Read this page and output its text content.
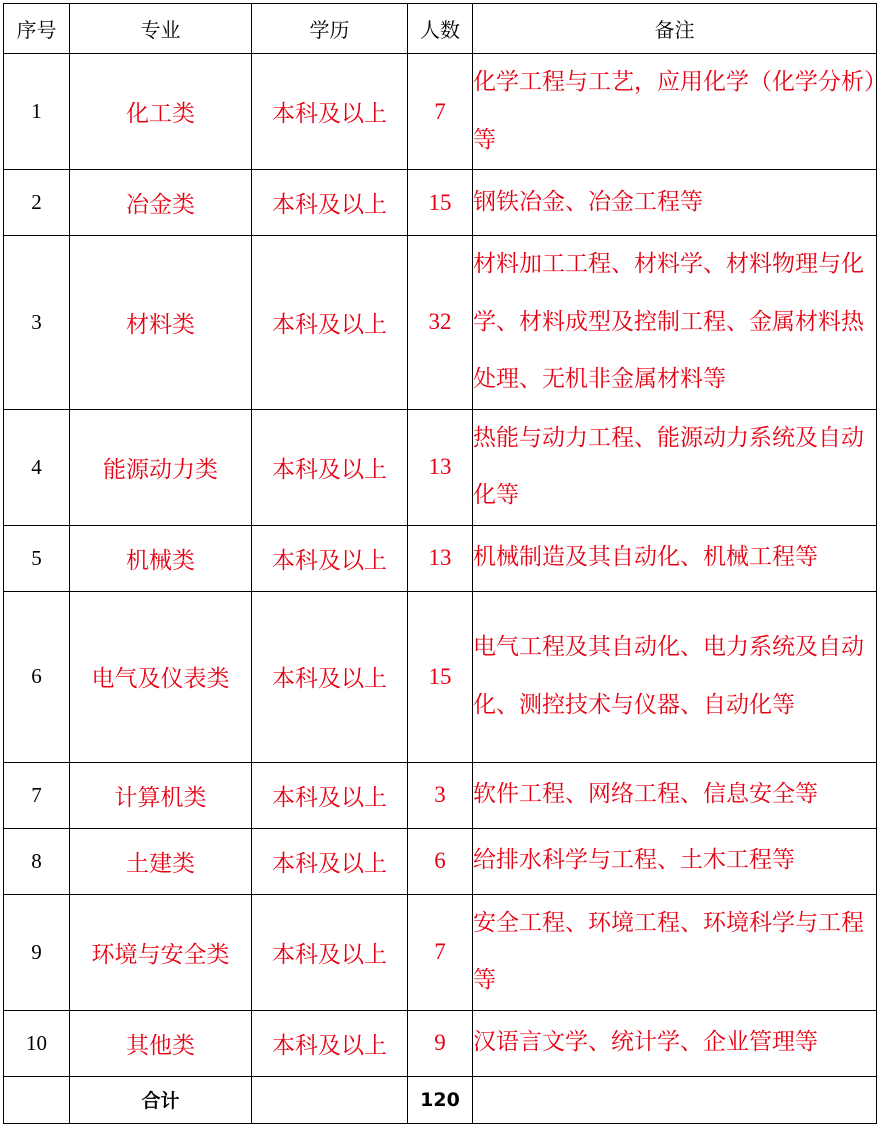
序号	专业	学历	人数	备注
1	化工类	本科及以上	7	化学工程与工艺，应用化学（化学分析）等
2	冶金类	本科及以上	15	钢铁冶金、冶金工程等
3	材料类	本科及以上	32	材料加工工程、材料学、材料物理与化学、材料成型及控制工程、金属材料热处理、无机非金属材料等
4	能源动力类	本科及以上	13	热能与动力工程、能源动力系统及自动化等
5	机械类	本科及以上	13	机械制造及其自动化、机械工程等
6	电气及仪表类	本科及以上	15	电气工程及其自动化、电力系统及自动化、测控技术与仪器、自动化等
7	计算机类	本科及以上	3	软件工程、网络工程、信息安全等
8	土建类	本科及以上	6	给排水科学与工程、土木工程等
9	环境与安全类	本科及以上	7	安全工程、环境工程、环境科学与工程等
10	其他类	本科及以上	9	汉语言文学、统计学、企业管理等
	合计		120	
